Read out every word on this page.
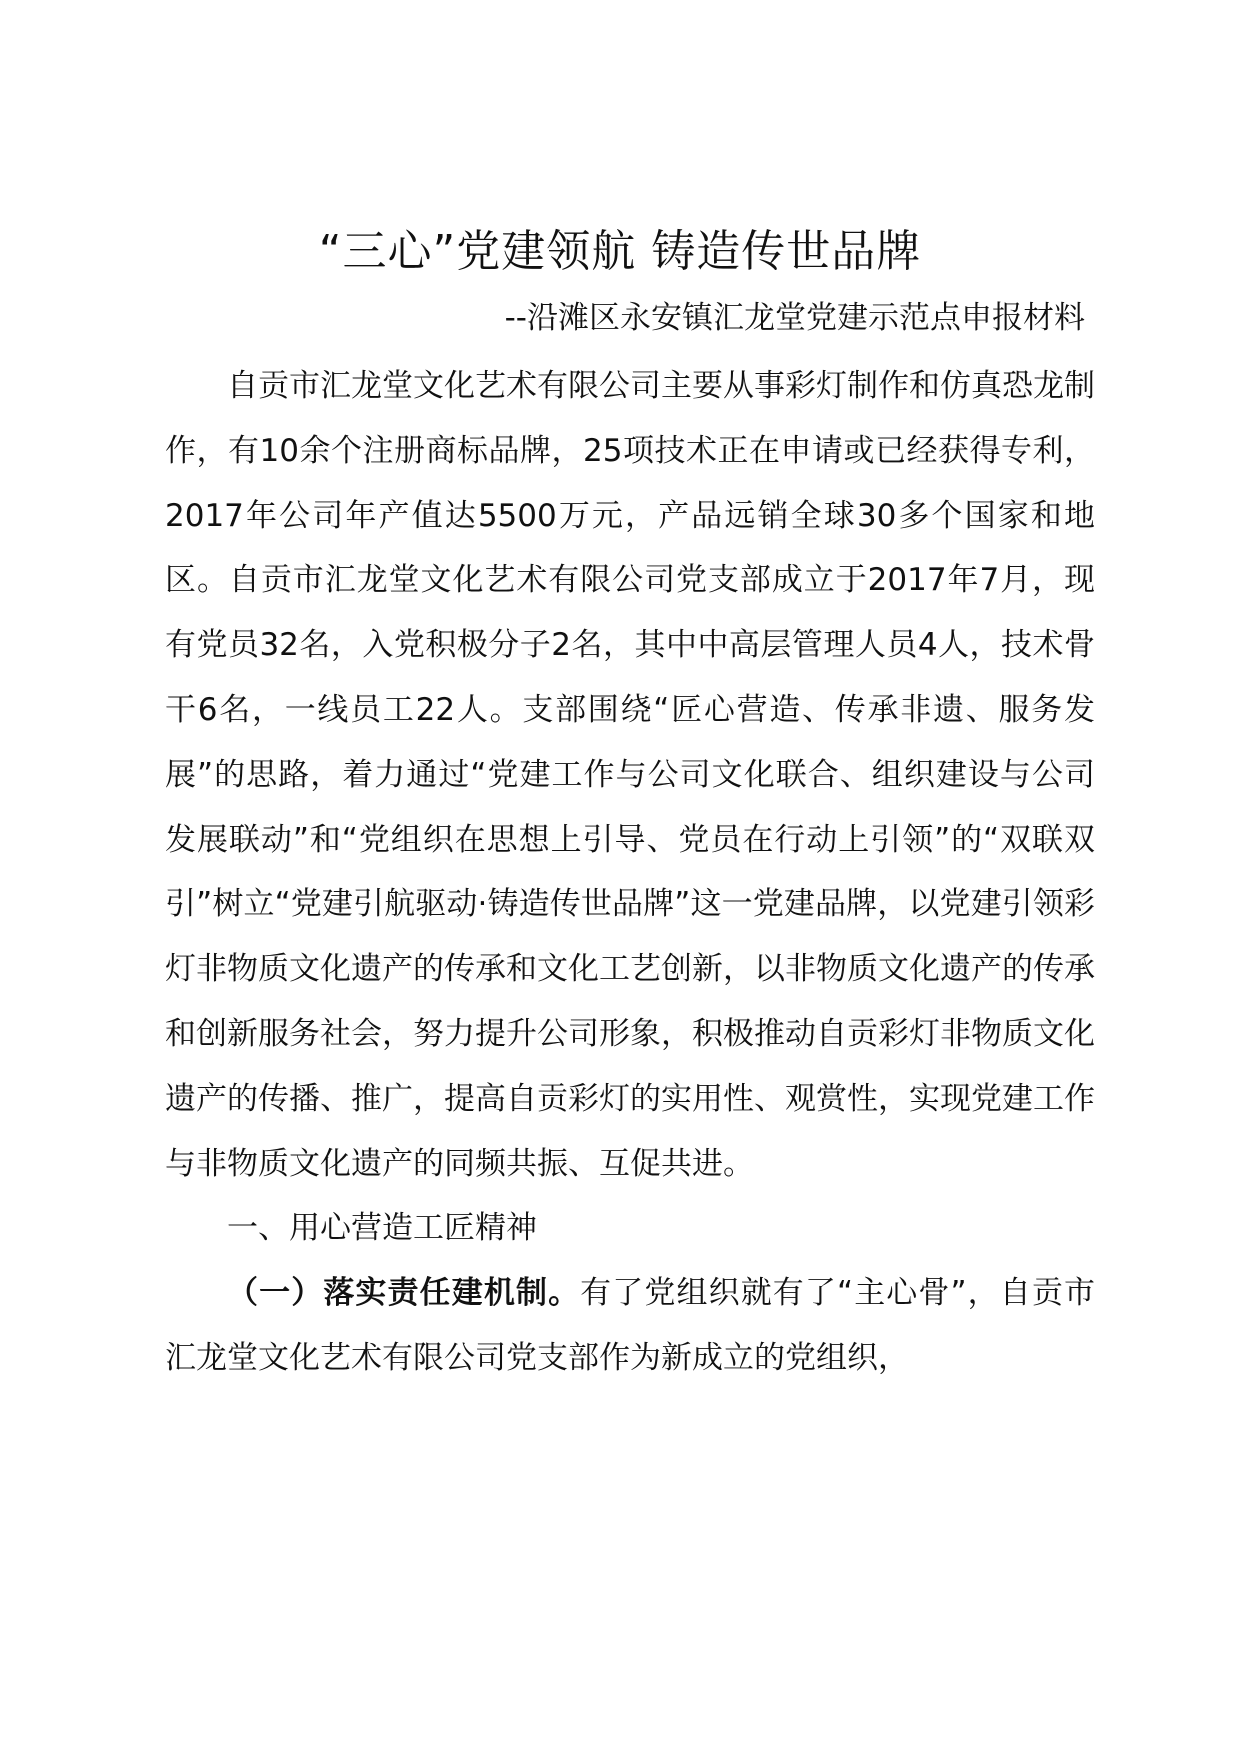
“三心”党建领航 铸造传世品牌

--沿滩区永安镇汇龙堂党建示范点申报材料

自贡市汇龙堂文化艺术有限公司主要从事彩灯制作和仿真恐龙制作，有10余个注册商标品牌，25项技术正在申请或已经获得专利，2017年公司年产值达5500万元，产品远销全球30多个国家和地区。自贡市汇龙堂文化艺术有限公司党支部成立于2017年7月，现有党员32名，入党积极分子2名，其中中高层管理人员4人，技术骨干6名，一线员工22人。支部围绕“匠心营造、传承非遗、服务发展”的思路，着力通过“党建工作与公司文化联合、组织建设与公司发展联动”和“党组织在思想上引导、党员在行动上引领”的“双联双引”树立“党建引航驱动·铸造传世品牌”这一党建品牌，以党建引领彩灯非物质文化遗产的传承和文化工艺创新，以非物质文化遗产的传承和创新服务社会，努力提升公司形象，积极推动自贡彩灯非物质文化遗产的传播、推广，提高自贡彩灯的实用性、观赏性，实现党建工作与非物质文化遗产的同频共振、互促共进。

一、用心营造工匠精神

（一）落实责任建机制。有了党组织就有了“主心骨”，自贡市汇龙堂文化艺术有限公司党支部作为新成立的党组织，
